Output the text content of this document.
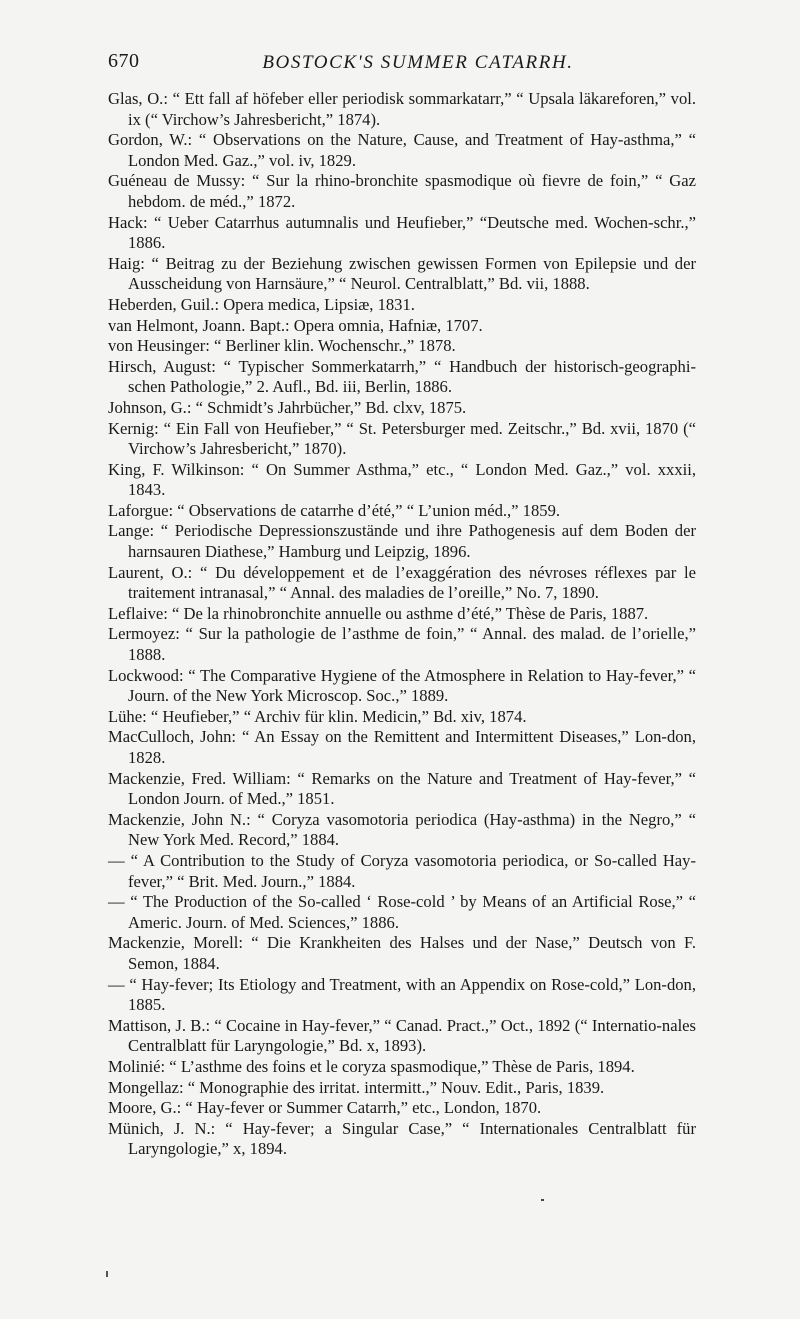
670	BOSTOCK'S SUMMER CATARRH.
Glas, O.: “ Ett fall af höfeber eller periodisk sommarkatarr,” “ Upsala läkareforen,” vol. ix (“ Virchow’s Jahresbericht,” 1874).
Gordon, W.: “ Observations on the Nature, Cause, and Treatment of Hay-asthma,” “ London Med. Gaz.,” vol. iv, 1829.
Guéneau de Mussy: “ Sur la rhino-bronchite spasmodique où fievre de foin,” “ Gaz hebdom. de méd.,” 1872.
Hack: “ Ueber Catarrhus autumnalis und Heufieber,” “Deutsche med. Wochen-schr.,” 1886.
Haig: “ Beitrag zu der Beziehung zwischen gewissen Formen von Epilepsie und der Ausscheidung von Harnsäure,” “ Neurol. Centralblatt,” Bd. vii, 1888.
Heberden, Guil.: Opera medica, Lipsiæ, 1831.
van Helmont, Joann. Bapt.: Opera omnia, Hafniæ, 1707.
von Heusinger: “ Berliner klin. Wochenschr.,” 1878.
Hirsch, August: “ Typischer Sommerkatarrh,” “ Handbuch der historisch-geographi-schen Pathologie,” 2. Aufl., Bd. iii, Berlin, 1886.
Johnson, G.: “ Schmidt’s Jahrbücher,” Bd. clxv, 1875.
Kernig: “ Ein Fall von Heufieber,” “ St. Petersburger med. Zeitschr.,” Bd. xvii, 1870 (“ Virchow’s Jahresbericht,” 1870).
King, F. Wilkinson: “ On Summer Asthma,” etc., “ London Med. Gaz.,” vol. xxxii, 1843.
Laforgue: “ Observations de catarrhe d’été,” “ L’union méd.,” 1859.
Lange: “ Periodische Depressionszustände und ihre Pathogenesis auf dem Boden der harnsauren Diathese,” Hamburg und Leipzig, 1896.
Laurent, O.: “ Du développement et de l’exaggération des névroses réflexes par le traitement intranasal,” “ Annal. des maladies de l’oreille,” No. 7, 1890.
Leflaive: “ De la rhinobronchite annuelle ou asthme d’été,” Thèse de Paris, 1887.
Lermoyez: “ Sur la pathologie de l’asthme de foin,” “ Annal. des malad. de l’orielle,” 1888.
Lockwood: “ The Comparative Hygiene of the Atmosphere in Relation to Hay-fever,” “ Journ. of the New York Microscop. Soc.,” 1889.
Lühe: “ Heufieber,” “ Archiv für klin. Medicin,” Bd. xiv, 1874.
MacCulloch, John: “ An Essay on the Remittent and Intermittent Diseases,” Lon-don, 1828.
Mackenzie, Fred. William: “ Remarks on the Nature and Treatment of Hay-fever,” “ London Journ. of Med.,” 1851.
Mackenzie, John N.: “ Coryza vasomotoria periodica (Hay-asthma) in the Negro,” “ New York Med. Record,” 1884.
— “ A Contribution to the Study of Coryza vasomotoria periodica, or So-called Hay-fever,” “ Brit. Med. Journ.,” 1884.
— “ The Production of the So-called ‘ Rose-cold ’ by Means of an Artificial Rose,” “ Americ. Journ. of Med. Sciences,” 1886.
Mackenzie, Morell: “ Die Krankheiten des Halses und der Nase,” Deutsch von F. Semon, 1884.
— “ Hay-fever; Its Etiology and Treatment, with an Appendix on Rose-cold,” Lon-don, 1885.
Mattison, J. B.: “ Cocaine in Hay-fever,” “ Canad. Pract.,” Oct., 1892 (“ Internatio-nales Centralblatt für Laryngologie,” Bd. x, 1893).
Molinié: “ L’asthme des foins et le coryza spasmodique,” Thèse de Paris, 1894.
Mongellaz: “ Monographie des irritat. intermitt.,” Nouv. Edit., Paris, 1839.
Moore, G.: “ Hay-fever or Summer Catarrh,” etc., London, 1870.
Münich, J. N.: “ Hay-fever; a Singular Case,” “ Internationales Centralblatt für Laryngologie,” x, 1894.
